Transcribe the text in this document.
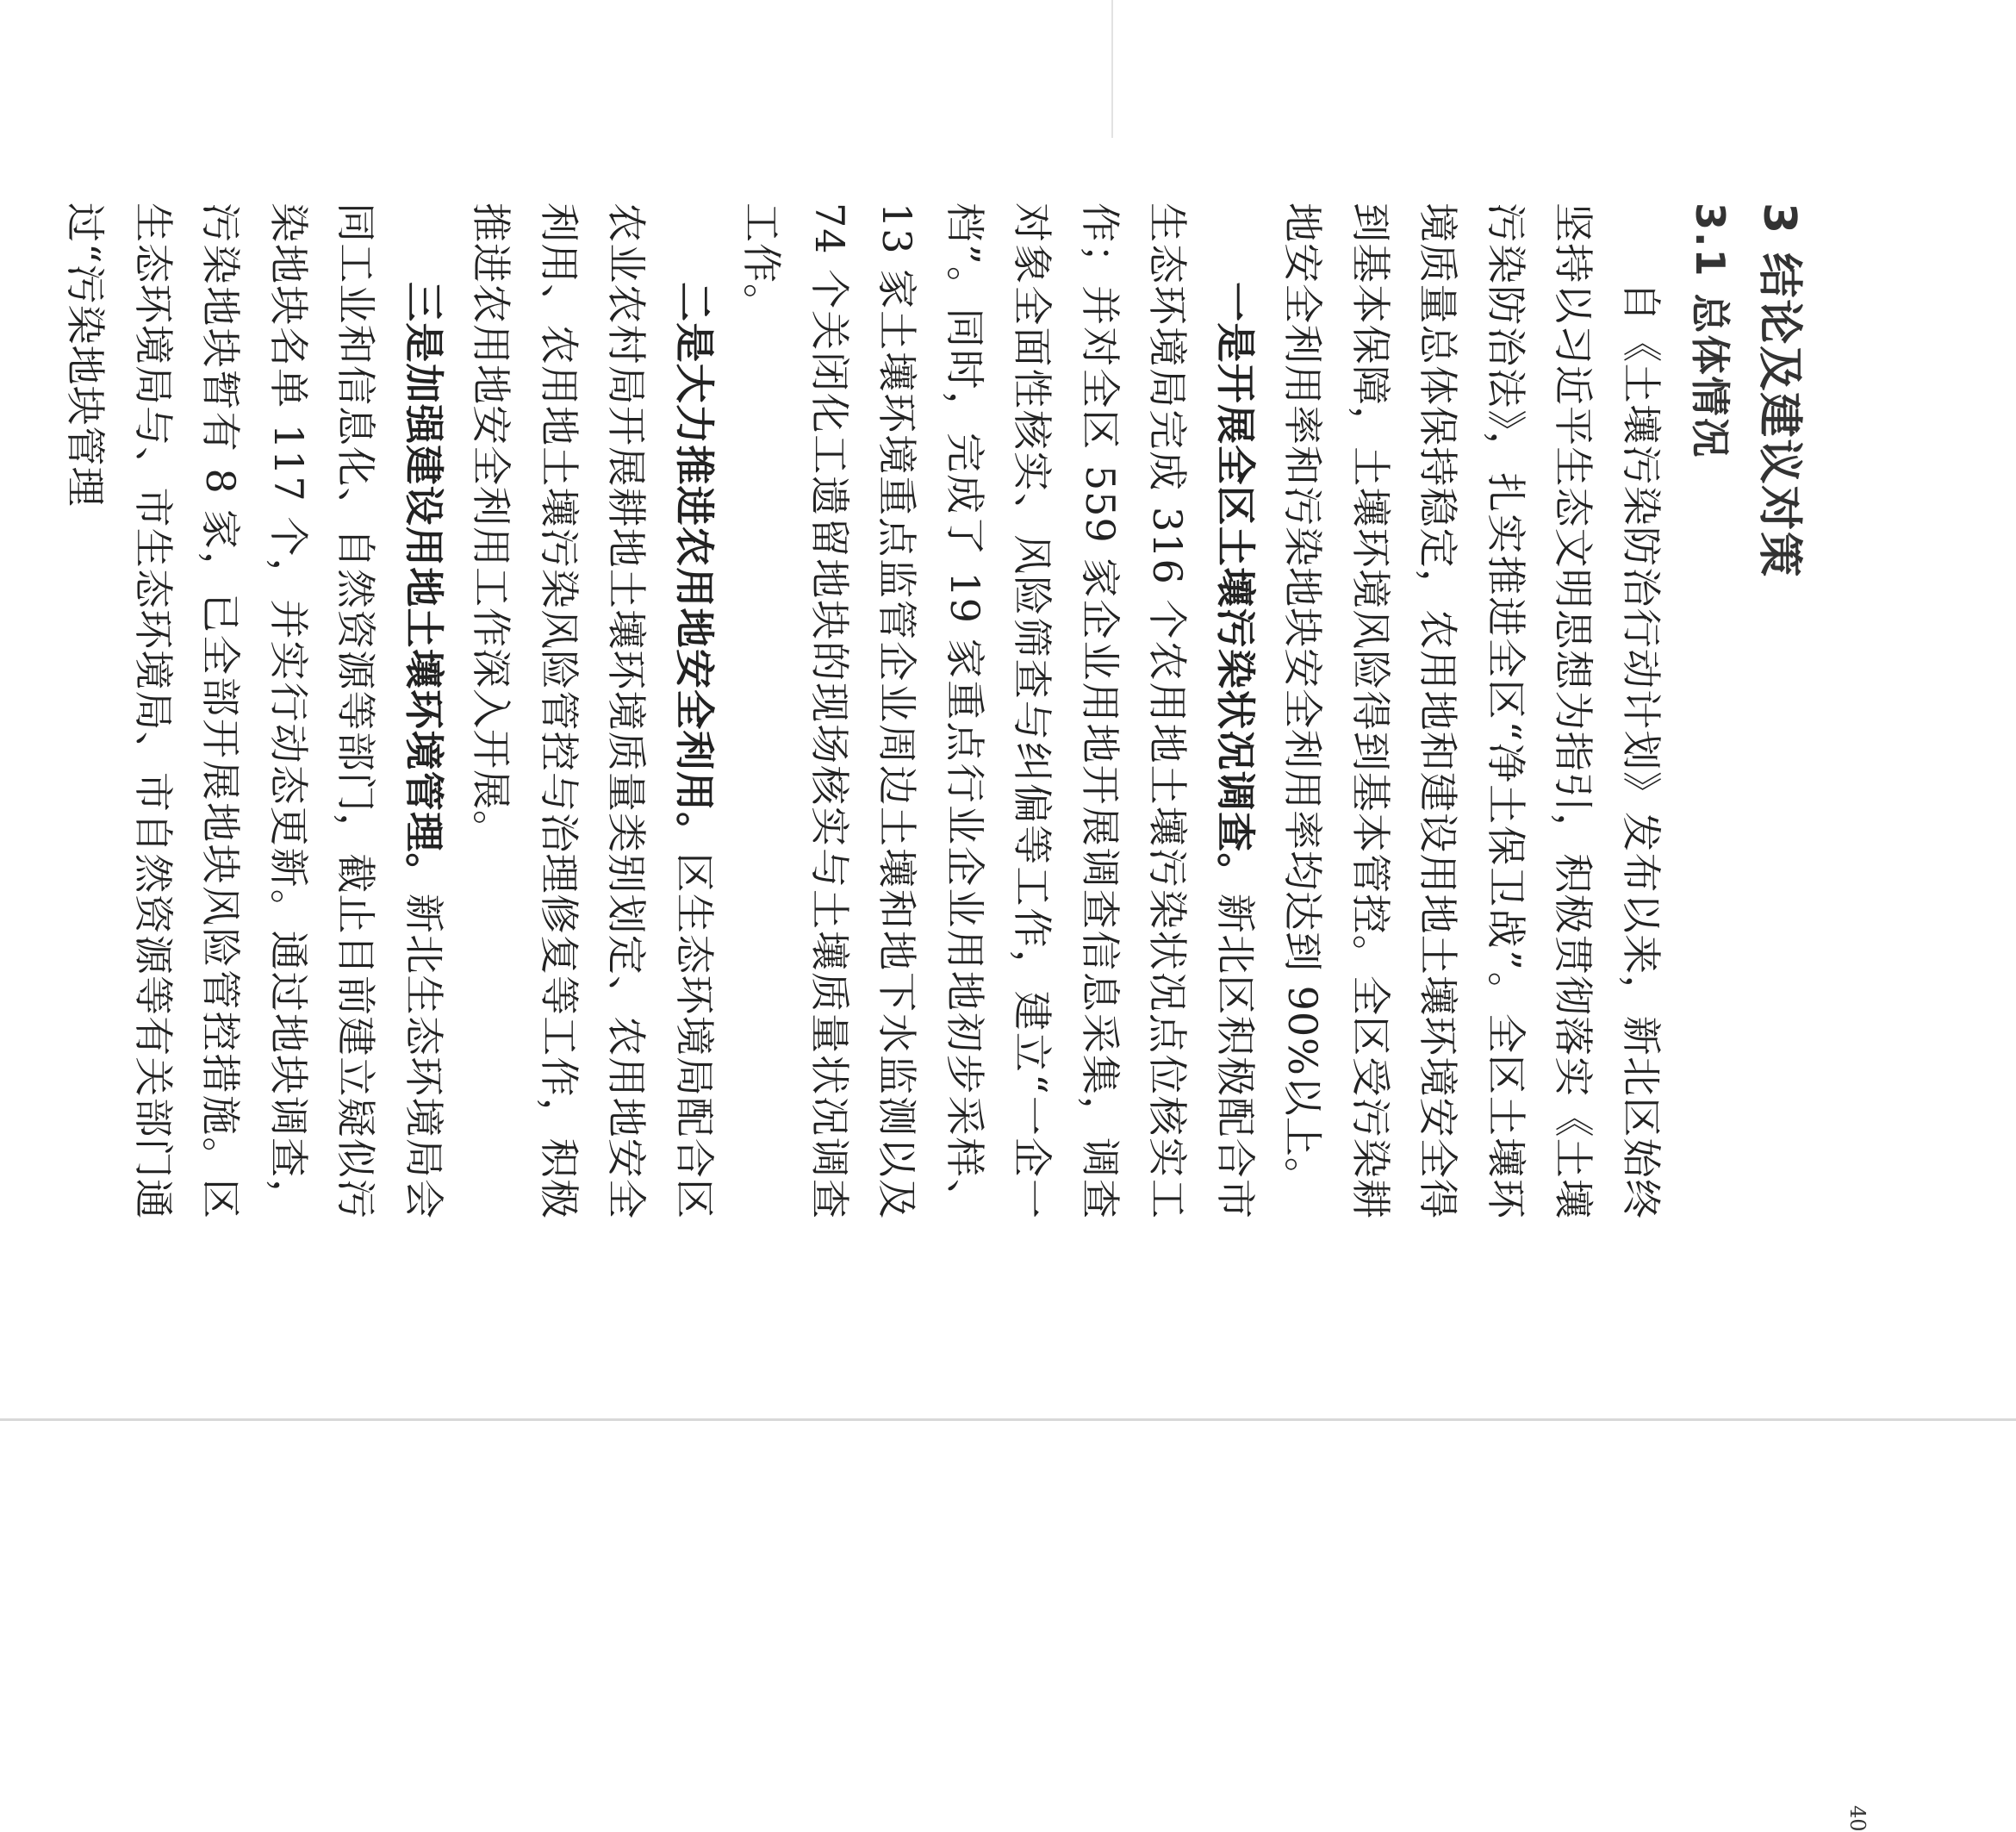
3 结论及建议对策
3.1 总体情况

自《土壤污染防治行动计划》发布以来，新北区始终坚持以习近平生态文明思想为指引，积极贯彻落实《土壤污染防治法》，扎实推进全区“净土保卫战”。全区土壤环境质量总体保持稳定，农用地和建设用地土壤环境安全得到基本保障，土壤环境风险得到基本管控。全区受污染耕地安全利用率和污染地块安全利用率均达到 90%以上。

一是开展全区土壤污染状况调查。新北区积极配合市生态环境局完成 316 个农用地土壤污染状况点位核实工作；并对全区 559 家企业用地开展调查信息采集，调查对象全面性核实、风险筛查与纠偏等工作，建立“一企一档”。同时，完成了 19 家重点行业企业用地初步采样、13 家土壤环境重点监管企业周边土壤和地下水监测以及 74 个关闭化工遗留地块的现场核实与土壤质量状况调查工作。

二是大力推进农用地安全利用。区生态环境局配合区农业农村局开展耕地土壤环境质量类别划定、农用地安全利用、农用地土壤污染风险管控与治理修复等工作，积极推进农用地安全利用工作深入开展。

三是加强建设用地土壤环境管理。新北生态环境局会同工业和信息化、自然资源等部门，截止目前建立疑似污染地块名单 117 个，并实行动态更新。通过地块调查，污染地块暂有 8 家，已全部开展地块风险管控措施。区生态环境局与、市生态环境局、市自然资源等有关部门通过“污染地块管理

40
